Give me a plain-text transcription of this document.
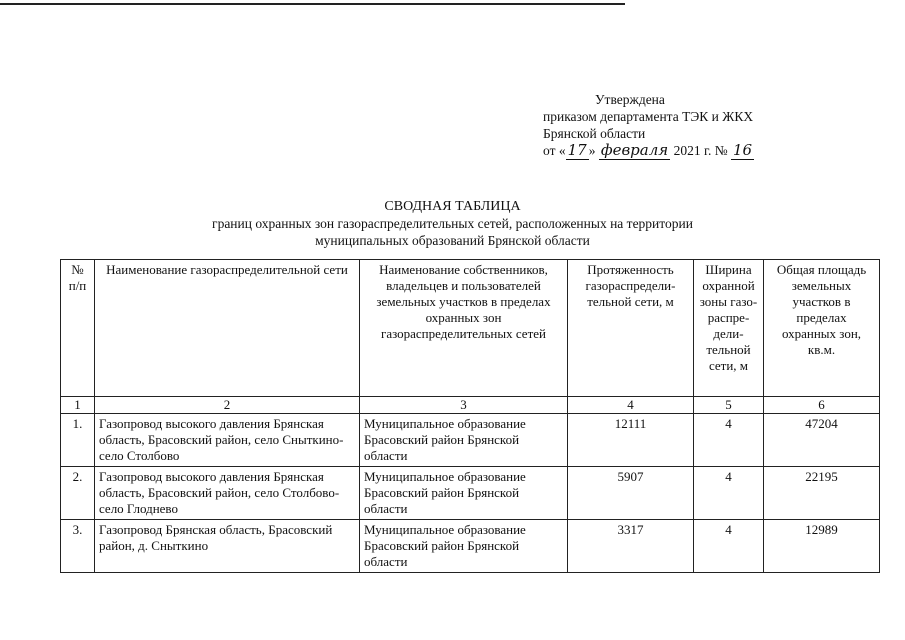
Утверждена
приказом департамента ТЭК и ЖКХ
Брянской области
от « 17 » февраля 2021 г. № 16
СВОДНАЯ ТАБЛИЦА
границ охранных зон газораспределительных сетей, расположенных на территории
муниципальных образований Брянской области
№ п/п	Наименование газораспределительной сети	Наименование собственников, владельцев и пользователей земельных участков в пределах охранных зон газораспределительных сетей	Протяженность газораспредели-тельной сети, м	Ширина охранной зоны газо-распре-дели-тельной сети, м	Общая площадь земельных участков в пределах охранных зон, кв.м.
1	2	3	4	5	6
1.	Газопровод высокого давления Брянская область, Брасовский район, село Сныткино-село Столбово	Муниципальное образование Брасовский район Брянской области	12111	4	47204
2.	Газопровод высокого давления Брянская область, Брасовский район, село Столбово-село Глоднево	Муниципальное образование Брасовский район Брянской области	5907	4	22195
3.	Газопровод Брянская область, Брасовский район, д. Сныткино	Муниципальное образование Брасовский район Брянской области	3317	4	12989
